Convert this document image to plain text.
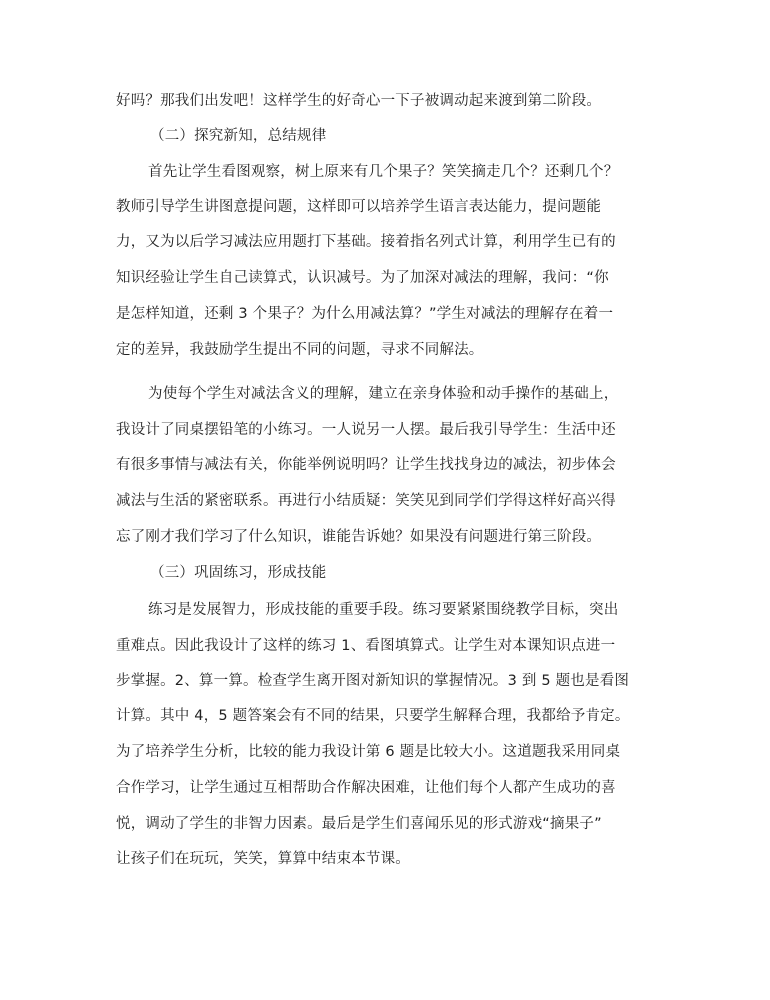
好吗？那我们出发吧！这样学生的好奇心一下子被调动起来渡到第二阶段。
（二）探究新知，总结规律
首先让学生看图观察，树上原来有几个果子？笑笑摘走几个？还剩几个？
教师引导学生讲图意提问题，这样即可以培养学生语言表达能力，提问题能
力，又为以后学习减法应用题打下基础。接着指名列式计算，利用学生已有的
知识经验让学生自己读算式，认识减号。为了加深对减法的理解，我问：“你
是怎样知道，还剩 3 个果子？为什么用减法算？”学生对减法的理解存在着一
定的差异，我鼓励学生提出不同的问题，寻求不同解法。
为使每个学生对减法含义的理解，建立在亲身体验和动手操作的基础上，
我设计了同桌摆铅笔的小练习。一人说另一人摆。最后我引导学生：生活中还
有很多事情与减法有关，你能举例说明吗？让学生找找身边的减法，初步体会
减法与生活的紧密联系。再进行小结质疑：笑笑见到同学们学得这样好高兴得
忘了刚才我们学习了什么知识，谁能告诉她？如果没有问题进行第三阶段。
（三）巩固练习，形成技能
练习是发展智力，形成技能的重要手段。练习要紧紧围绕教学目标，突出
重难点。因此我设计了这样的练习 1、看图填算式。让学生对本课知识点进一
步掌握。2、算一算。检查学生离开图对新知识的掌握情况。3 到 5 题也是看图
计算。其中 4，5 题答案会有不同的结果，只要学生解释合理，我都给予肯定。
为了培养学生分析，比较的能力我设计第 6 题是比较大小。这道题我采用同桌
合作学习，让学生通过互相帮助合作解决困难，让他们每个人都产生成功的喜
悦，调动了学生的非智力因素。最后是学生们喜闻乐见的形式游戏“摘果子”
让孩子们在玩玩，笑笑，算算中结束本节课。
